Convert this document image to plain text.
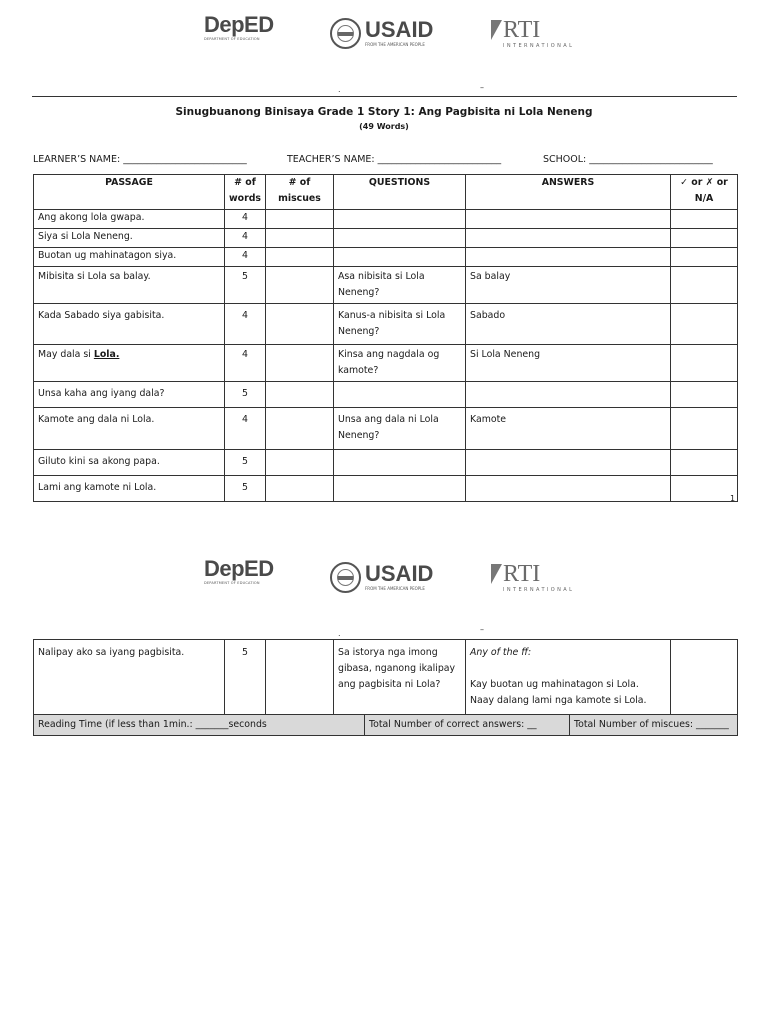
DepED
DEPARTMENT OF EDUCATION	USAID
FROM THE AMERICAN PEOPLE
RTI
INTERNATIONAL
.	–
Sinugbuanong Binisaya Grade 1 Story 1: Ang Pagbisita ni Lola Neneng
(49 Words)
LEARNER’S NAME: __________________________	TEACHER’S NAME: __________________________	SCHOOL: __________________________
PASSAGE	# of words	# of miscues	QUESTIONS	ANSWERS	✓ or ✗ or N/A
Ang akong lola gwapa.	4				
Siya si Lola Neneng.	4				
Buotan ug mahinatagon siya.	4				
Mibisita si Lola sa balay.	5		Asa nibisita si Lola Neneng?	Sa balay	
Kada Sabado siya gabisita.	4		Kanus-a nibisita si Lola Neneng?	Sabado	
May dala si Lola.	4		Kinsa ang nagdala og kamote?	Si Lola Neneng	
Unsa kaha ang iyang dala?	5				
Kamote ang dala ni Lola.	4		Unsa ang dala ni Lola Neneng?	Kamote	
Giluto kini sa akong papa.	5				
Lami ang kamote ni Lola.	5				
1
DepED
DEPARTMENT OF EDUCATION	USAID
FROM THE AMERICAN PEOPLE
RTI
INTERNATIONAL
.	–
Nalipay ako sa iyang pagbisita.	5		Sa istorya nga imong gibasa, nganong ikalipay ang pagbisita ni Lola?	
Any of the ff:
Kay buotan ug mahinatagon si Lola.
Naay dalang lami nga kamote si Lola.

Reading Time (if less than 1min.: _______seconds	Total Number of correct answers: __	Total Number of miscues: _______
